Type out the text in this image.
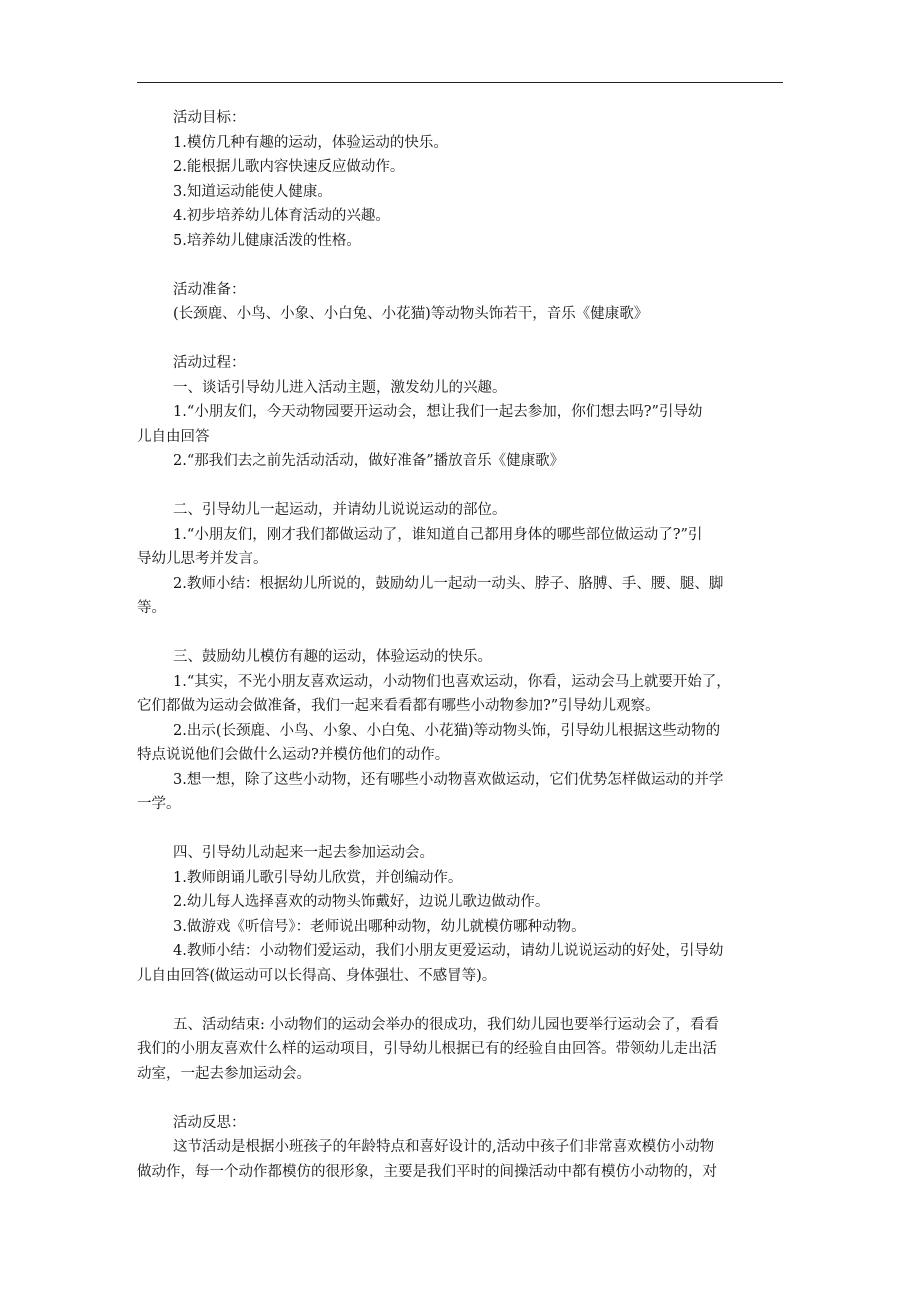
活动目标：
1.模仿几种有趣的运动，体验运动的快乐。
2.能根据儿歌内容快速反应做动作。
3.知道运动能使人健康。
4.初步培养幼儿体育活动的兴趣。
5.培养幼儿健康活泼的性格。
活动准备：
(长颈鹿、小鸟、小象、小白兔、小花猫)等动物头饰若干，音乐《健康歌》
活动过程：
一、谈话引导幼儿进入活动主题，激发幼儿的兴趣。
1.“小朋友们，今天动物园要开运动会，想让我们一起去参加，你们想去吗?”引导幼
儿自由回答
2.“那我们去之前先活动活动，做好准备”播放音乐《健康歌》
二、引导幼儿一起运动，并请幼儿说说运动的部位。
1.“小朋友们，刚才我们都做运动了，谁知道自己都用身体的哪些部位做运动了?”引
导幼儿思考并发言。
2.教师小结：根据幼儿所说的，鼓励幼儿一起动一动头、脖子、胳膊、手、腰、腿、脚
等。
三、鼓励幼儿模仿有趣的运动，体验运动的快乐。
1.“其实，不光小朋友喜欢运动，小动物们也喜欢运动，你看，运动会马上就要开始了，
它们都做为运动会做准备，我们一起来看看都有哪些小动物参加?”引导幼儿观察。
2.出示(长颈鹿、小鸟、小象、小白兔、小花猫)等动物头饰，引导幼儿根据这些动物的
特点说说他们会做什么运动?并模仿他们的动作。
3.想一想，除了这些小动物，还有哪些小动物喜欢做运动，它们优势怎样做运动的并学
一学。
四、引导幼儿动起来一起去参加运动会。
1.教师朗诵儿歌引导幼儿欣赏，并创编动作。
2.幼儿每人选择喜欢的动物头饰戴好，边说儿歌边做动作。
3.做游戏《听信号》：老师说出哪种动物，幼儿就模仿哪种动物。
4.教师小结：小动物们爱运动，我们小朋友更爱运动，请幼儿说说运动的好处，引导幼
儿自由回答(做运动可以长得高、身体强壮、不感冒等)。
五、活动结束: 小动物们的运动会举办的很成功，我们幼儿园也要举行运动会了，看看
我们的小朋友喜欢什么样的运动项目，引导幼儿根据已有的经验自由回答。带领幼儿走出活
动室，一起去参加运动会。
活动反思：
这节活动是根据小班孩子的年龄特点和喜好设计的,活动中孩子们非常喜欢模仿小动物
做动作，每一个动作都模仿的很形象，主要是我们平时的间操活动中都有模仿小动物的，对
